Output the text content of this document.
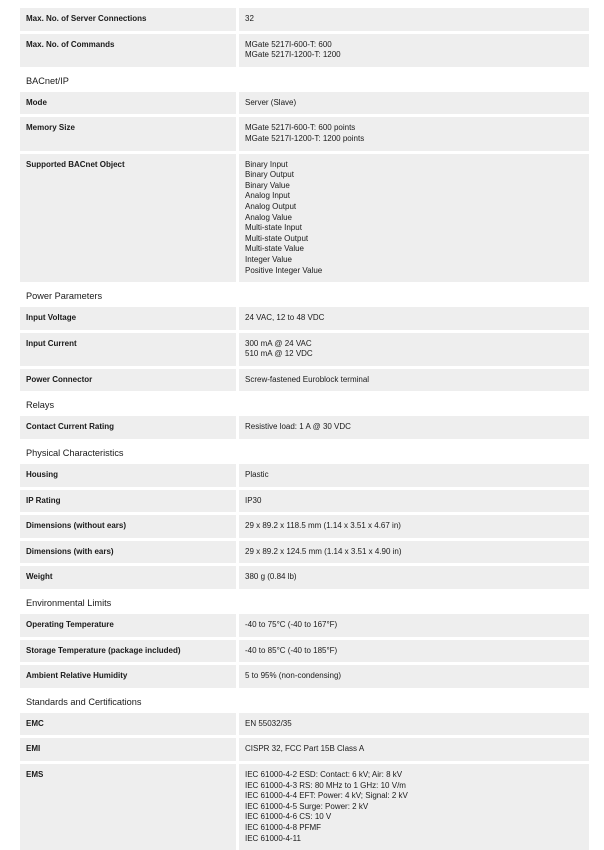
Max. No. of Server Connections	32
Max. No. of Commands	MGate 5217I-600-T: 600
MGate 5217I-1200-T: 1200
BACnet/IP
Mode	Server (Slave)
Memory Size	MGate 5217I-600-T: 600 points
MGate 5217I-1200-T: 1200 points
Supported BACnet Object	Binary Input
Binary Output
Binary Value
Analog Input
Analog Output
Analog Value
Multi-state Input
Multi-state Output
Multi-state Value
Integer Value
Positive Integer Value
Power Parameters
Input Voltage	24 VAC, 12 to 48 VDC
Input Current	300 mA @ 24 VAC
510 mA @ 12 VDC
Power Connector	Screw-fastened Euroblock terminal
Relays
Contact Current Rating	Resistive load: 1 A @ 30 VDC
Physical Characteristics
Housing	Plastic
IP Rating	IP30
Dimensions (without ears)	29 x 89.2 x 118.5 mm (1.14 x 3.51 x 4.67 in)
Dimensions (with ears)	29 x 89.2 x 124.5 mm (1.14 x 3.51 x 4.90 in)
Weight	380 g (0.84 lb)
Environmental Limits
Operating Temperature	-40 to 75°C (-40 to 167°F)
Storage Temperature (package included)	-40 to 85°C (-40 to 185°F)
Ambient Relative Humidity	5 to 95% (non-condensing)
Standards and Certifications
EMC	EN 55032/35
EMI	CISPR 32, FCC Part 15B Class A
EMS	IEC 61000-4-2 ESD: Contact: 6 kV; Air: 8 kV
IEC 61000-4-3 RS: 80 MHz to 1 GHz: 10 V/m
IEC 61000-4-4 EFT: Power: 4 kV; Signal: 2 kV
IEC 61000-4-5 Surge: Power: 2 kV
IEC 61000-4-6 CS: 10 V
IEC 61000-4-8 PFMF
IEC 61000-4-11
